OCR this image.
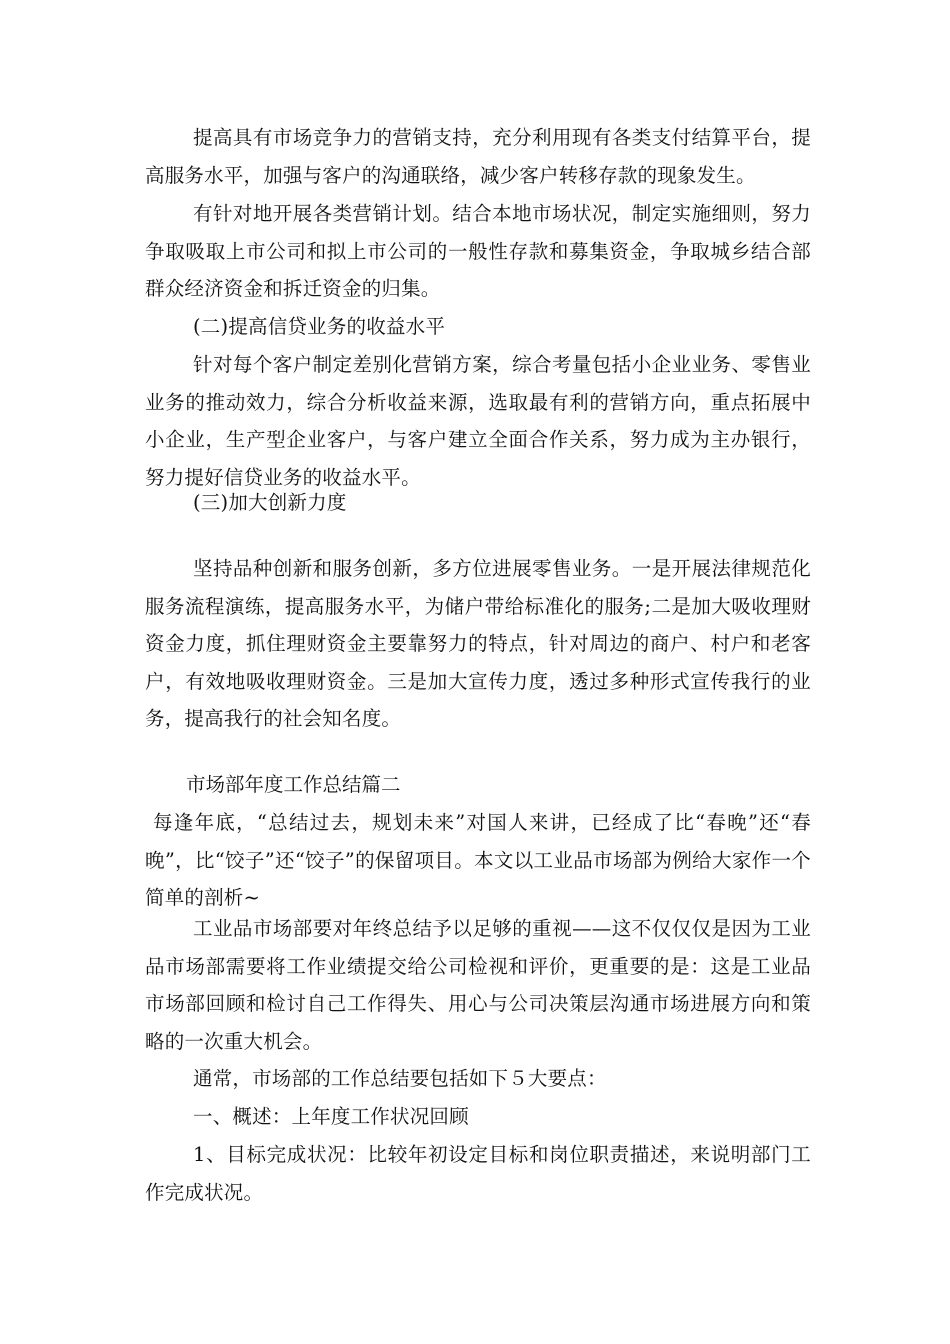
提高具有市场竞争力的营销支持，充分利用现有各类支付结算平台，提高服务水平，加强与客户的沟通联络，减少客户转移存款的现象发生。

有针对地开展各类营销计划。结合本地市场状况，制定实施细则，努力争取吸取上市公司和拟上市公司的一般性存款和募集资金，争取城乡结合部群众经济资金和拆迁资金的归集。

(二)提高信贷业务的收益水平

针对每个客户制定差别化营销方案，综合考量包括小企业业务、零售业业务的推动效力，综合分析收益来源，选取最有利的营销方向，重点拓展中小企业，生产型企业客户，与客户建立全面合作关系，努力成为主办银行，努力提好信贷业务的收益水平。

(三)加大创新力度

坚持品种创新和服务创新，多方位进展零售业务。一是开展法律规范化服务流程演练，提高服务水平，为储户带给标准化的服务;二是加大吸收理财资金力度，抓住理财资金主要靠努力的特点，针对周边的商户、村户和老客户，有效地吸收理财资金。三是加大宣传力度，透过多种形式宣传我行的业务，提高我行的社会知名度。

市场部年度工作总结篇二

每逢年底，“总结过去，规划未来”对国人来讲，已经成了比“春晚”还“春晚”，比“饺子”还“饺子”的保留项目。本文以工业品市场部为例给大家作一个简单的剖析~

工业品市场部要对年终总结予以足够的重视——这不仅仅仅是因为工业品市场部需要将工作业绩提交给公司检视和评价，更重要的是：这是工业品市场部回顾和检讨自己工作得失、用心与公司决策层沟通市场进展方向和策略的一次重大机会。

通常，市场部的工作总结要包括如下５大要点：

一、概述：上年度工作状况回顾

1、目标完成状况：比较年初设定目标和岗位职责描述，来说明部门工作完成状况。
